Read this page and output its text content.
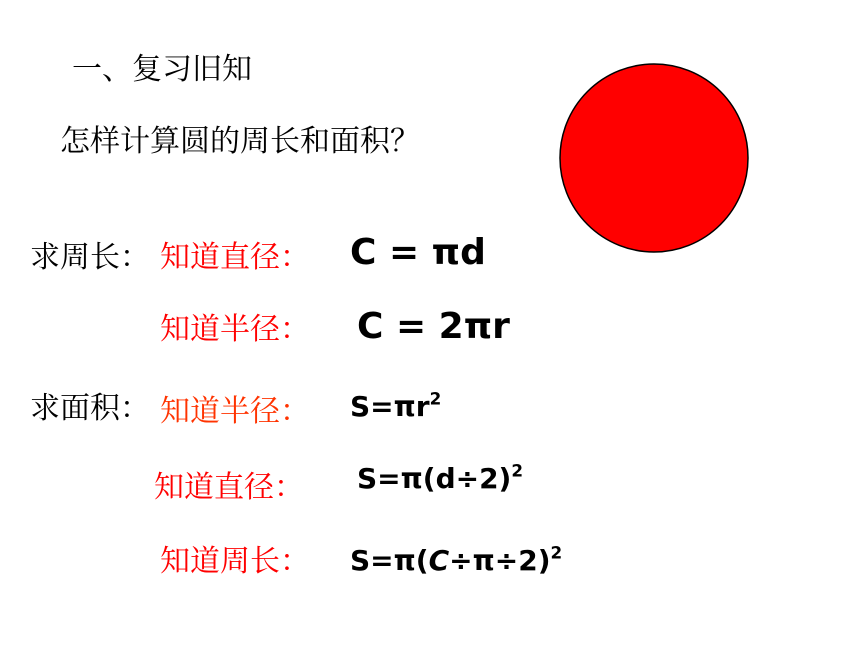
一、复习旧知
怎样计算圆的周长和面积？
求周长： 知道直径： C = πd
知道半径： C = 2πr
求面积： 知道半径： $S=\pi r^2$
知道直径： $S=\pi(d\div 2)^2$
知道周长： $S=\pi(C\div\pi\div 2)^2$
